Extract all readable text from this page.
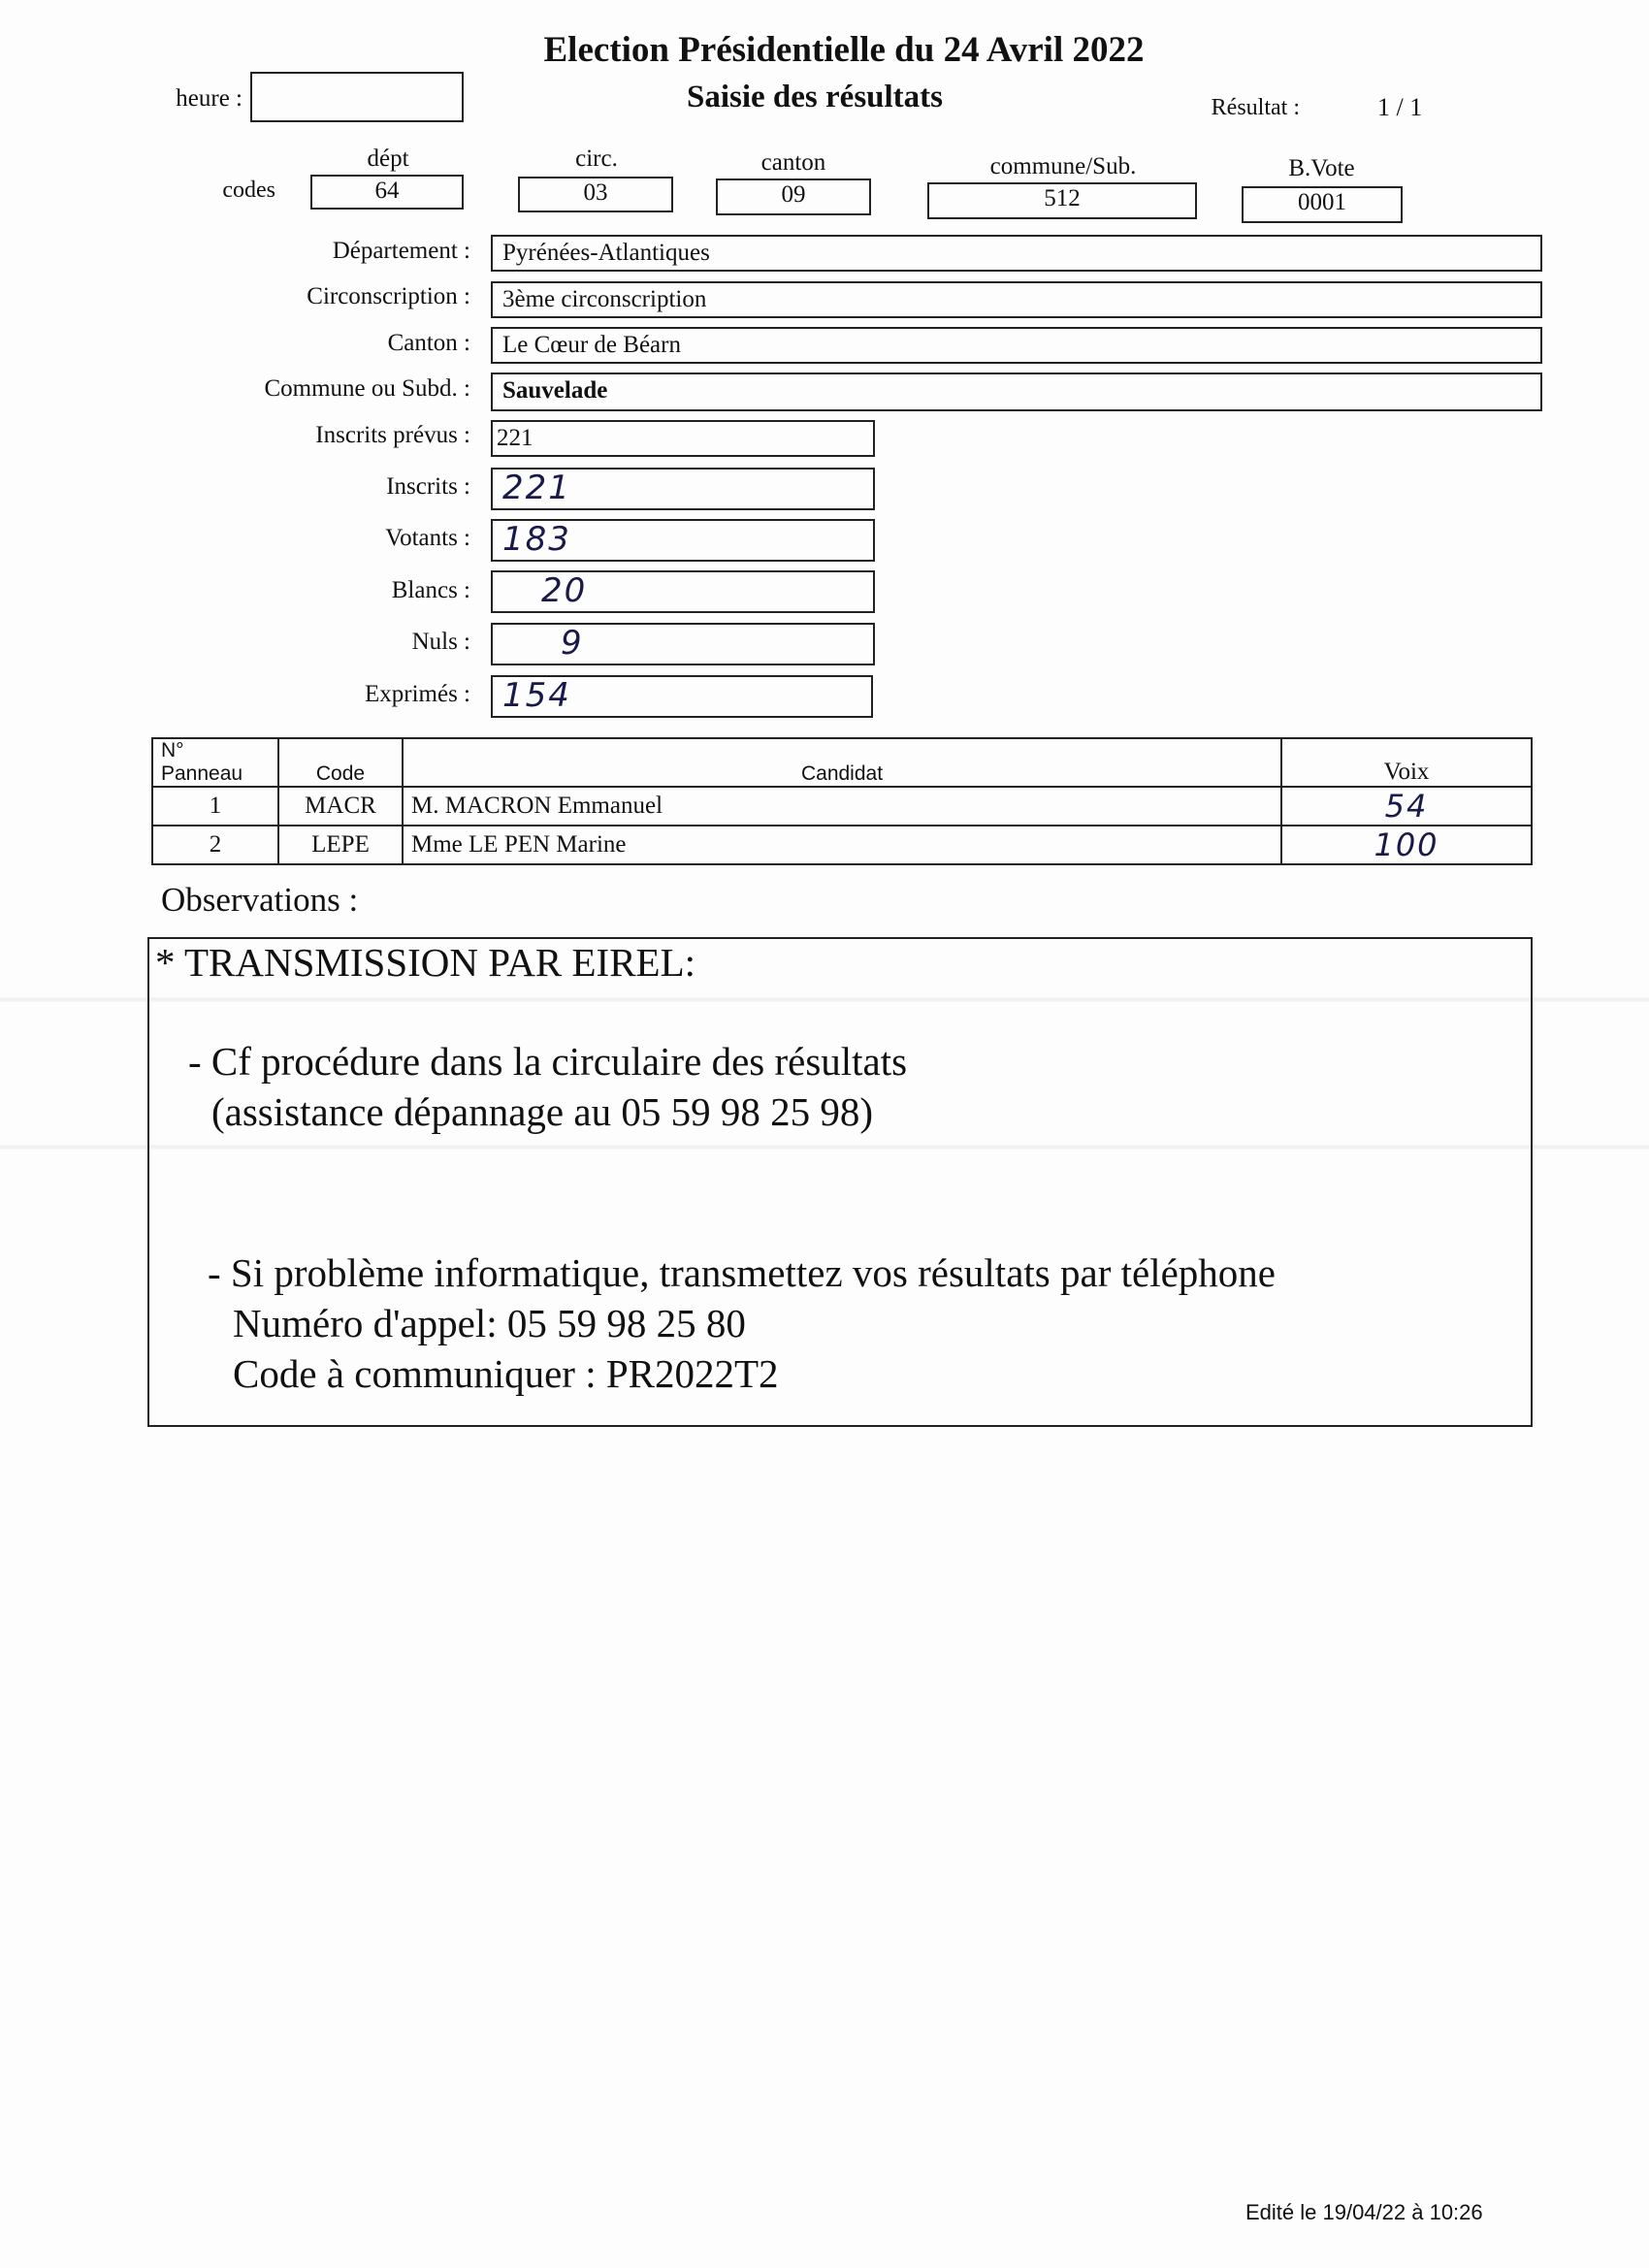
Election Présidentielle du 24 Avril 2022
Saisie des résultats
heure :	Résultat :	1 / 1
dépt	circ.	canton	commune/Sub.	B.Vote
codes	64	03	09	512	0001
Département :	Pyrénées-Atlantiques
Circonscription :	3ème circonscription
Canton :	Le Cœur de Béarn
Commune ou Subd. :	Sauvelade
Inscrits prévus : 221
Inscrits : 221
Votants : 183
Blancs :	20
Nuls :	9
Exprimés : 154
N° Panneau	Code	Candidat	Voix
1	MACR	M. MACRON Emmanuel	54
2	LEPE	Mme LE PEN Marine	100
Observations :
* TRANSMISSION PAR EIREL:
- Cf procédure dans la circulaire des résultats
(assistance dépannage au 05 59 98 25 98)
- Si problème informatique, transmettez vos résultats par téléphone
Numéro d'appel: 05 59 98 25 80
Code à communiquer : PR2022T2
Edité le 19/04/22 à 10:26
